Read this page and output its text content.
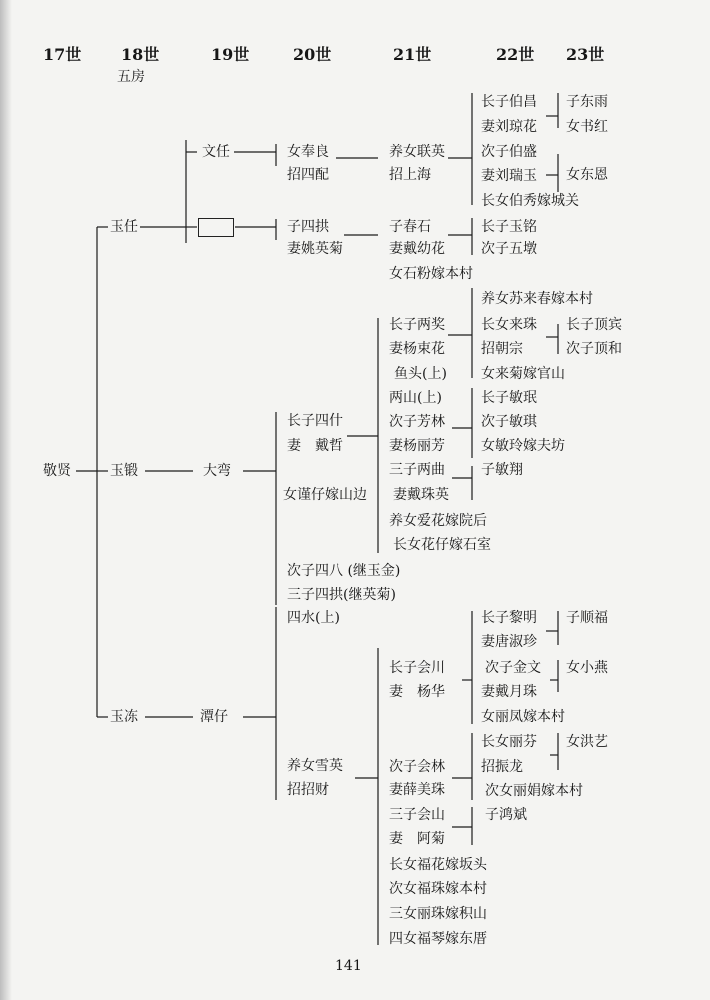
17世 18世	19世	20世	21世	22世 23世
五房
敬贤
玉任
玉锻
玉冻
文任
大弯
潭仔
女奉良
招四配
子四拱
妻姚英菊
长子四什
妻　戴哲
女谨仔嫁山边
次子四八 (继玉金)
三子四拱(继英菊)
四水(上)
养女雪英
招招财
养女联英
招上海
子春石
妻戴幼花
女石粉嫁本村
长子两奖
妻杨束花
鱼头(上)
两山(上)
次子芳林
妻杨丽芳
三子两曲
妻戴珠英
养女爱花嫁院后
长女花仔嫁石室
长子会川
妻　杨华
次子会林
妻薛美珠
三子会山
妻　阿菊
长女福花嫁坂头
次女福珠嫁本村
三女丽珠嫁积山
四女福琴嫁东厝
长子伯昌
妻刘琼花
次子伯盛
妻刘瑞玉
长女伯秀嫁城关
长子玉铭
次子五墩
养女苏来春嫁本村
长女来珠
招朝宗
女来菊嫁官山
长子敏珉
次子敏琪
女敏玲嫁夫坊
子敏翔
长子黎明
妻唐淑珍
次子金文
妻戴月珠
女丽凤嫁本村
长女丽芬
招振龙
次女丽娟嫁本村
子鸿斌
子东雨
女书红
女东恩
长子顶宾
次子顶和
子顺福
女小燕
女洪艺
141
